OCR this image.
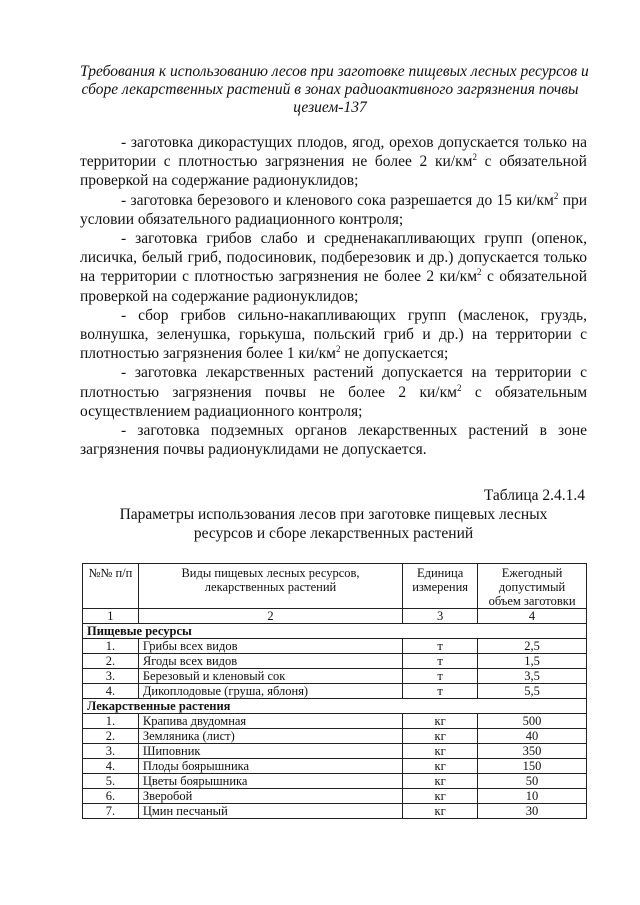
Требования к использованию лесов при заготовке пищевых лесных ресурсов и
сборе лекарственных растений в зонах радиоактивного загрязнения почвы
цезием-137

- заготовка дикорастущих плодов, ягод, орехов допускается только на

территории с плотностью загрязнения не более 2 $ки/км^2$ с обязательной

проверкой на содержание радионуклидов;

- заготовка березового и кленового сока разрешается до 15 $ки/км^2$ при

условии обязательного радиационного контроля;

- заготовка грибов слабо и средненакапливающих групп (опенок,

лисичка, белый гриб, подосиновик, подберезовик и др.) допускается только

на территории с плотностью загрязнения не более 2 $ки/км^2$ с обязательной

проверкой на содержание радионуклидов;

- сбор грибов сильно-накапливающих групп (масленок, груздь,

волнушка, зеленушка, горькуша, польский гриб и др.) на территории с

плотностью загрязнения более 1 $ки/км^2$ не допускается;

- заготовка лекарственных растений допускается на территории с

плотностью загрязнения почвы не более 2 $ки/км^2$ с обязательным

осуществлением радиационного контроля;

- заготовка подземных органов лекарственных растений в зоне

загрязнения почвы радионуклидами не допускается.

Таблица 2.4.1.4
Параметры использования лесов при заготовке пищевых лесных
ресурсов и сборе лекарственных растений
№№ п/п	Виды пищевых лесных ресурсов, лекарственных растений	Единица измерения	Ежегодный допустимый объем заготовки
1	2	3	4
Пищевые ресурсы			
1.	Грибы всех видов	т	2,5
2.	Ягоды всех видов	т	1,5
3.	Березовый и кленовый сок	т	3,5
4.	Дикоплодовые (груша, яблоня)	т	5,5
Лекарственные растения			
1.	Крапива двудомная	кг	500
2.	Земляника (лист)	кг	40
3.	Шиповник	кг	350
4.	Плоды боярышника	кг	150
5.	Цветы боярышника	кг	50
6.	Зверобой	кг	10
7.	Цмин песчаный	кг	30
